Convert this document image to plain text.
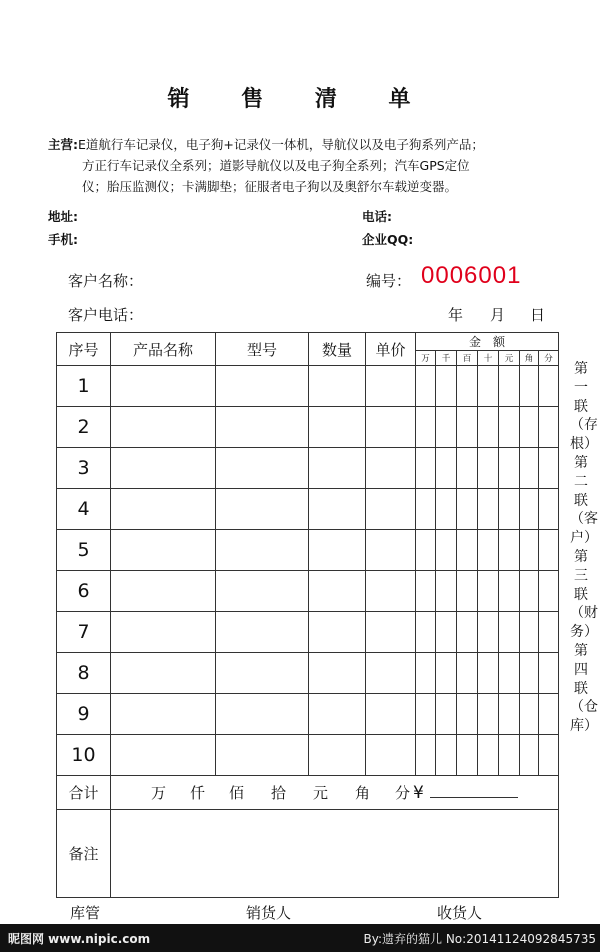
销 售 清 单
主营:E道航行车记录仪，电子狗+记录仪一体机，导航仪以及电子狗系列产品；
方正行车记录仪全系列；道影导航仪以及电子狗全系列；汽车GPS定位
仪；胎压监测仪；卡满脚垫；征服者电子狗以及奥舒尔车载逆变器。
地址:	电话:
手机:	企业QQ:
客户名称：	编号： 0006001
客户电话：	年 月 日
序号	产品名称	型号	数量	单价	金　额						
					万	千	百	十	元	角	分
1											
2											
3											
4											
5											
6											
7											
8											
9											
10											
合计	万 仟 佰 拾 元 角 分 ¥										
备注											
第一联（存根）
第二联（客户）
第三联（财务）
第四联（仓库）
库管	销货人	收货人
昵图网 www.nipic.com	By:遗弃的猫儿 No:20141124092845735
